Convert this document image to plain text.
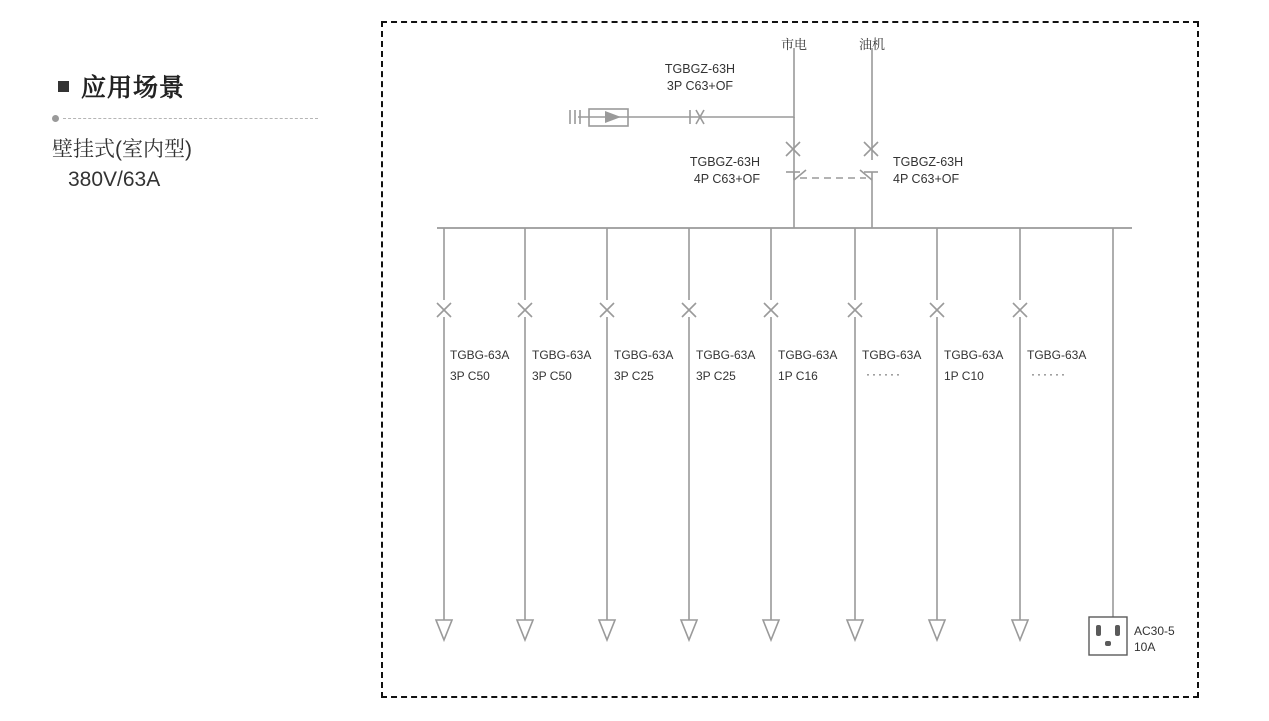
应用场景
壁挂式(室内型)
380V/63A
市电	油机
TGBGZ-63H
3P C63+OF
TGBGZ-63H
4P C63+OF
TGBGZ-63H
4P C63+OF
TGBG-63A
3P C50
TGBG-63A
3P C50
TGBG-63A
3P C25
TGBG-63A
3P C25
TGBG-63A
1P C16
TGBG-63A
······
TGBG-63A
1P C10
TGBG-63A
······
AC30-5
10A
